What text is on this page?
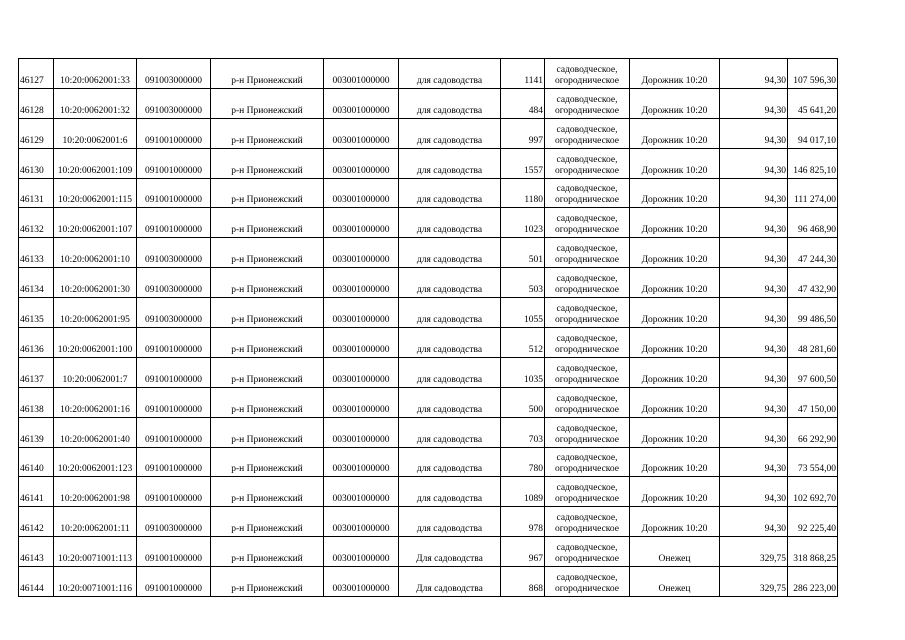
46127	10:20:0062001:33	091003000000	р-н Прионежский	003001000000	для садоводства	1141	садоводческое,
огородническое	Дорожник 10:20	94,30	107 596,30
46128	10:20:0062001:32	091003000000	р-н Прионежский	003001000000	для садоводства	484	садоводческое,
огородническое	Дорожник 10:20	94,30	45 641,20
46129	10:20:0062001:6	091001000000	р-н Прионежский	003001000000	для садоводства	997	садоводческое,
огородническое	Дорожник 10:20	94,30	94 017,10
46130	10:20:0062001:109	091001000000	р-н Прионежский	003001000000	для садоводства	1557	садоводческое,
огородническое	Дорожник 10:20	94,30	146 825,10
46131	10:20:0062001:115	091001000000	р-н Прионежский	003001000000	для садоводства	1180	садоводческое,
огородническое	Дорожник 10:20	94,30	111 274,00
46132	10:20:0062001:107	091001000000	р-н Прионежский	003001000000	для садоводства	1023	садоводческое,
огородническое	Дорожник 10:20	94,30	96 468,90
46133	10:20:0062001:10	091003000000	р-н Прионежский	003001000000	для садоводства	501	садоводческое,
огородническое	Дорожник 10:20	94,30	47 244,30
46134	10:20:0062001:30	091003000000	р-н Прионежский	003001000000	для садоводства	503	садоводческое,
огородническое	Дорожник 10:20	94,30	47 432,90
46135	10:20:0062001:95	091003000000	р-н Прионежский	003001000000	для садоводства	1055	садоводческое,
огородническое	Дорожник 10:20	94,30	99 486,50
46136	10:20:0062001:100	091001000000	р-н Прионежский	003001000000	для садоводства	512	садоводческое,
огородническое	Дорожник 10:20	94,30	48 281,60
46137	10:20:0062001:7	091001000000	р-н Прионежский	003001000000	для садоводства	1035	садоводческое,
огородническое	Дорожник 10:20	94,30	97 600,50
46138	10:20:0062001:16	091001000000	р-н Прионежский	003001000000	для садоводства	500	садоводческое,
огородническое	Дорожник 10:20	94,30	47 150,00
46139	10:20:0062001:40	091001000000	р-н Прионежский	003001000000	для садоводства	703	садоводческое,
огородническое	Дорожник 10:20	94,30	66 292,90
46140	10:20:0062001:123	091001000000	р-н Прионежский	003001000000	для садоводства	780	садоводческое,
огородническое	Дорожник 10:20	94,30	73 554,00
46141	10:20:0062001:98	091001000000	р-н Прионежский	003001000000	для садоводства	1089	садоводческое,
огородническое	Дорожник 10:20	94,30	102 692,70
46142	10:20:0062001:11	091003000000	р-н Прионежский	003001000000	для садоводства	978	садоводческое,
огородническое	Дорожник 10:20	94,30	92 225,40
46143	10:20:0071001:113	091001000000	р-н Прионежский	003001000000	Для садоводства	967	садоводческое,
огородническое	Онежец	329,75	318 868,25
46144	10:20:0071001:116	091001000000	р-н Прионежский	003001000000	Для садоводства	868	садоводческое,
огородническое	Онежец	329,75	286 223,00
